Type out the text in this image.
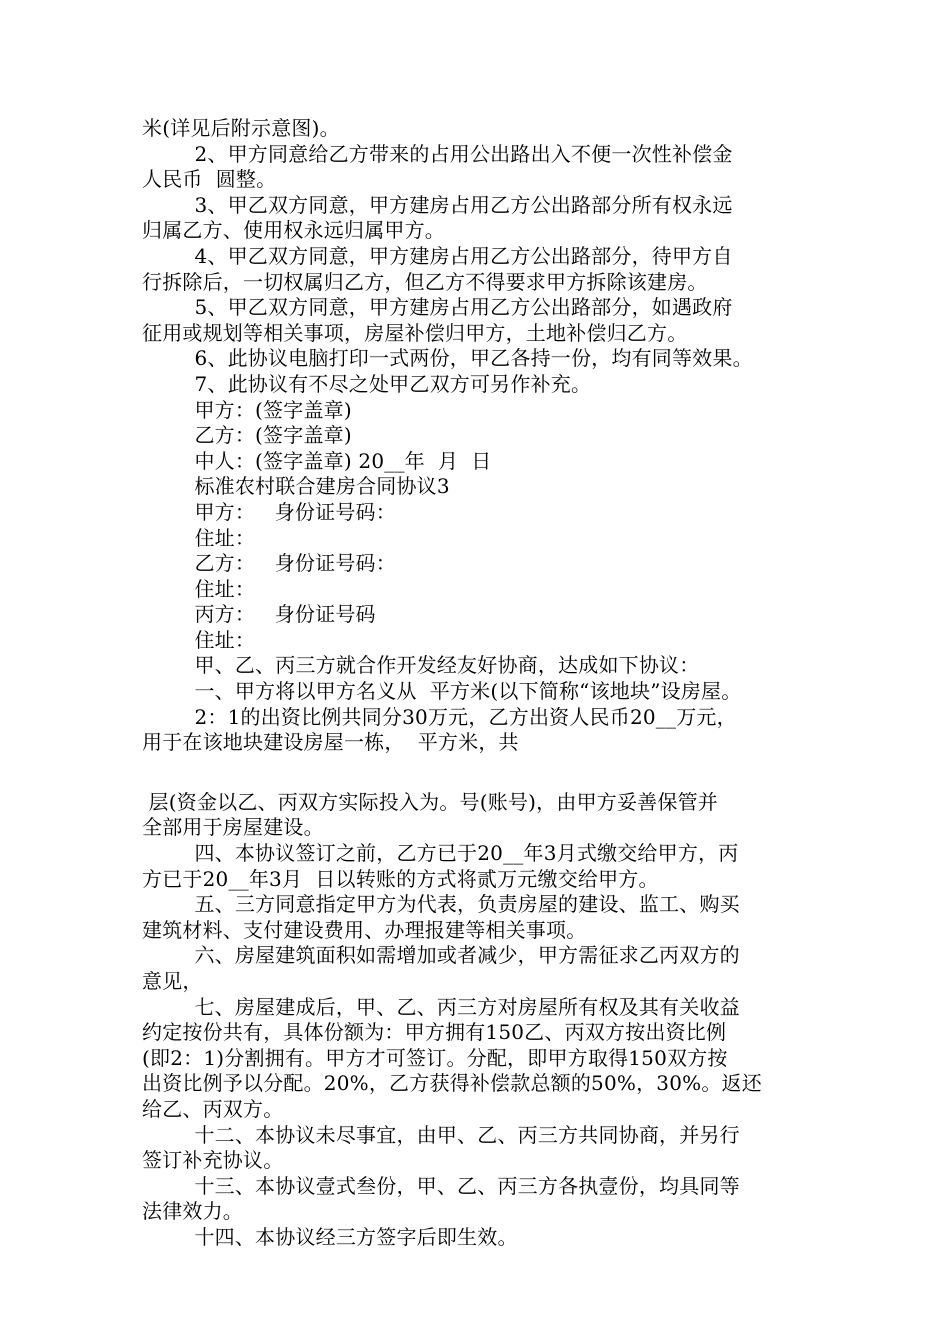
米(详见后附示意图)。

2、甲方同意给乙方带来的占用公出路出入不便一次性补偿金

人民币  圆整。

3、甲乙双方同意，甲方建房占用乙方公出路部分所有权永远

归属乙方、使用权永远归属甲方。

4、甲乙双方同意，甲方建房占用乙方公出路部分，待甲方自

行拆除后，一切权属归乙方，但乙方不得要求甲方拆除该建房。

5、甲乙双方同意，甲方建房占用乙方公出路部分，如遇政府

征用或规划等相关事项，房屋补偿归甲方，土地补偿归乙方。

6、此协议电脑打印一式两份，甲乙各持一份，均有同等效果。

7、此协议有不尽之处甲乙双方可另作补充。

甲方：(签字盖章)

乙方：(签字盖章)

中人：(签字盖章) 20__年  月  日

标准农村联合建房合同协议3

甲方：   身份证号码：

住址：

乙方：   身份证号码：

住址：

丙方：   身份证号码

住址：

甲、乙、丙三方就合作开发经友好协商，达成如下协议：

一、甲方将以甲方名义从  平方米(以下简称“该地块”设房屋。

2：1的出资比例共同分30万元，乙方出资人民币20__万元，

用于在该地块建设房屋一栋，  平方米，共

层(资金以乙、丙双方实际投入为。号(账号)，由甲方妥善保管并

全部用于房屋建设。

四、本协议签订之前，乙方已于20__年3月式缴交给甲方，丙

方已于20__年3月  日以转账的方式将贰万元缴交给甲方。

五、三方同意指定甲方为代表，负责房屋的建设、监工、购买

建筑材料、支付建设费用、办理报建等相关事项。

六、房屋建筑面积如需增加或者减少，甲方需征求乙丙双方的

意见，

七、房屋建成后，甲、乙、丙三方对房屋所有权及其有关收益

约定按份共有，具体份额为：甲方拥有150乙、丙双方按出资比例

(即2：1)分割拥有。甲方才可签订。分配，即甲方取得150双方按

出资比例予以分配。20%，乙方获得补偿款总额的50%，30%。返还

给乙、丙双方。

十二、本协议未尽事宜，由甲、乙、丙三方共同协商，并另行

签订补充协议。

十三、本协议壹式叁份，甲、乙、丙三方各执壹份，均具同等

法律效力。

十四、本协议经三方签字后即生效。
